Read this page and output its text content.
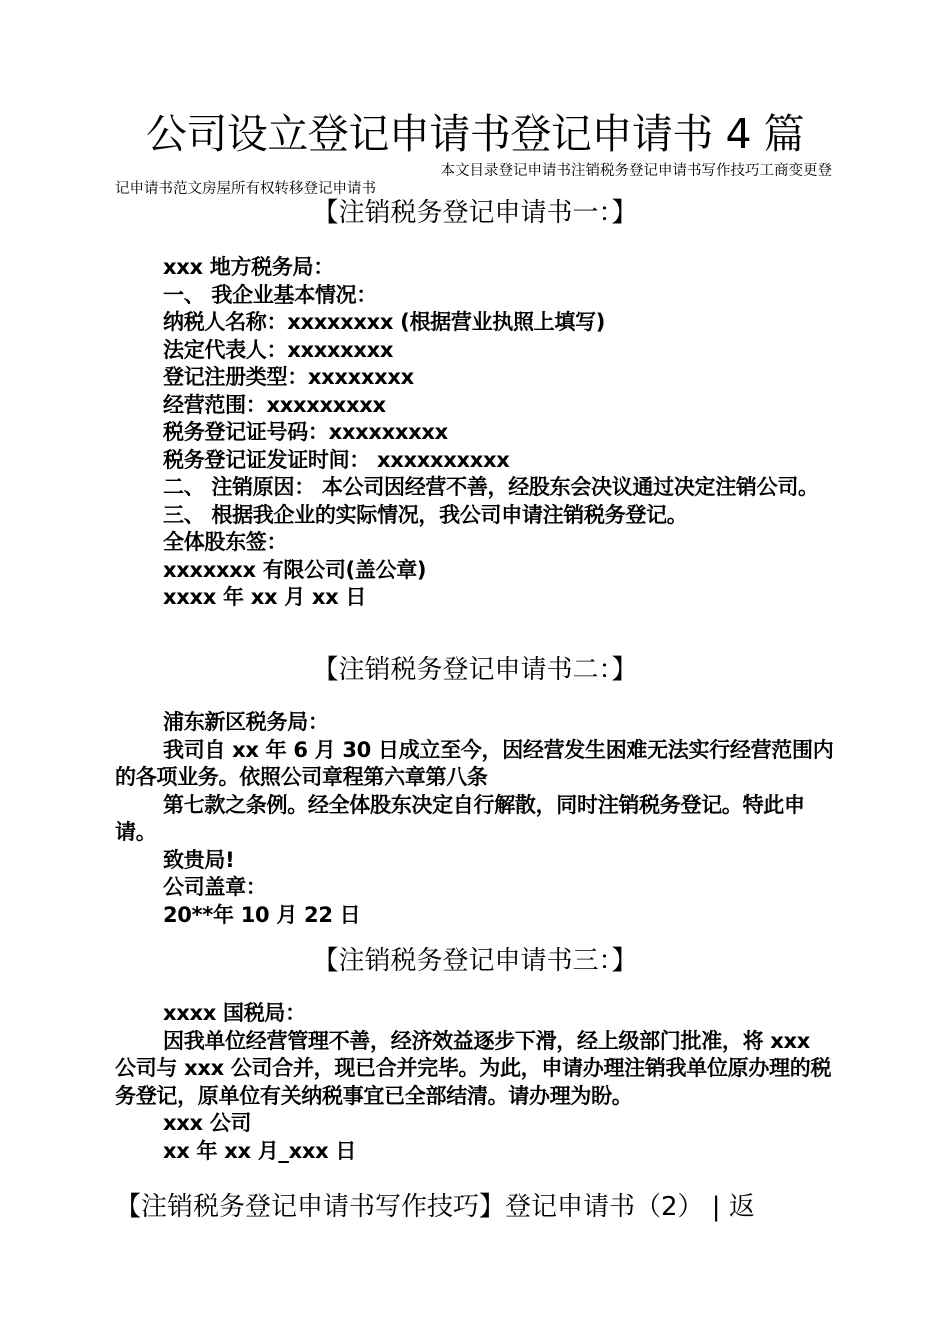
公司设立登记申请书登记申请书 4 篇
本文目录登记申请书注销税务登记申请书写作技巧工商变更登
记申请书范文房屋所有权转移登记申请书
【注销税务登记申请书一：】

xxx 地方税务局：

一、 我企业基本情况：

纳税人名称：xxxxxxxx (根据营业执照上填写)

法定代表人：xxxxxxxx

登记注册类型：xxxxxxxx

经营范围：xxxxxxxxx

税务登记证号码：xxxxxxxxx

税务登记证发证时间： xxxxxxxxxx

二、 注销原因： 本公司因经营不善，经股东会决议通过决定注销公司。

三、 根据我企业的实际情况，我公司申请注销税务登记。

全体股东签：

xxxxxxx 有限公司(盖公章)

xxxx 年 xx 月 xx 日

【注销税务登记申请书二：】

浦东新区税务局：

我司自 xx 年 6 月 30 日成立至今，因经营发生困难无法实行经营范围内的各项业务。依照公司章程第六章第八条

第七款之条例。经全体股东决定自行解散，同时注销税务登记。特此申请。

致贵局!

公司盖章：

20**年 10 月 22 日

【注销税务登记申请书三：】

xxxx 国税局：

因我单位经营管理不善，经济效益逐步下滑，经上级部门批准，将 xxx 公司与 xxx 公司合并，现已合并完毕。为此，申请办理注销我单位原办理的税务登记，原单位有关纳税事宜已全部结清。请办理为盼。

xxx 公司

xx 年 xx 月_xxx 日

【注销税务登记申请书写作技巧】登记申请书（2） | 返
